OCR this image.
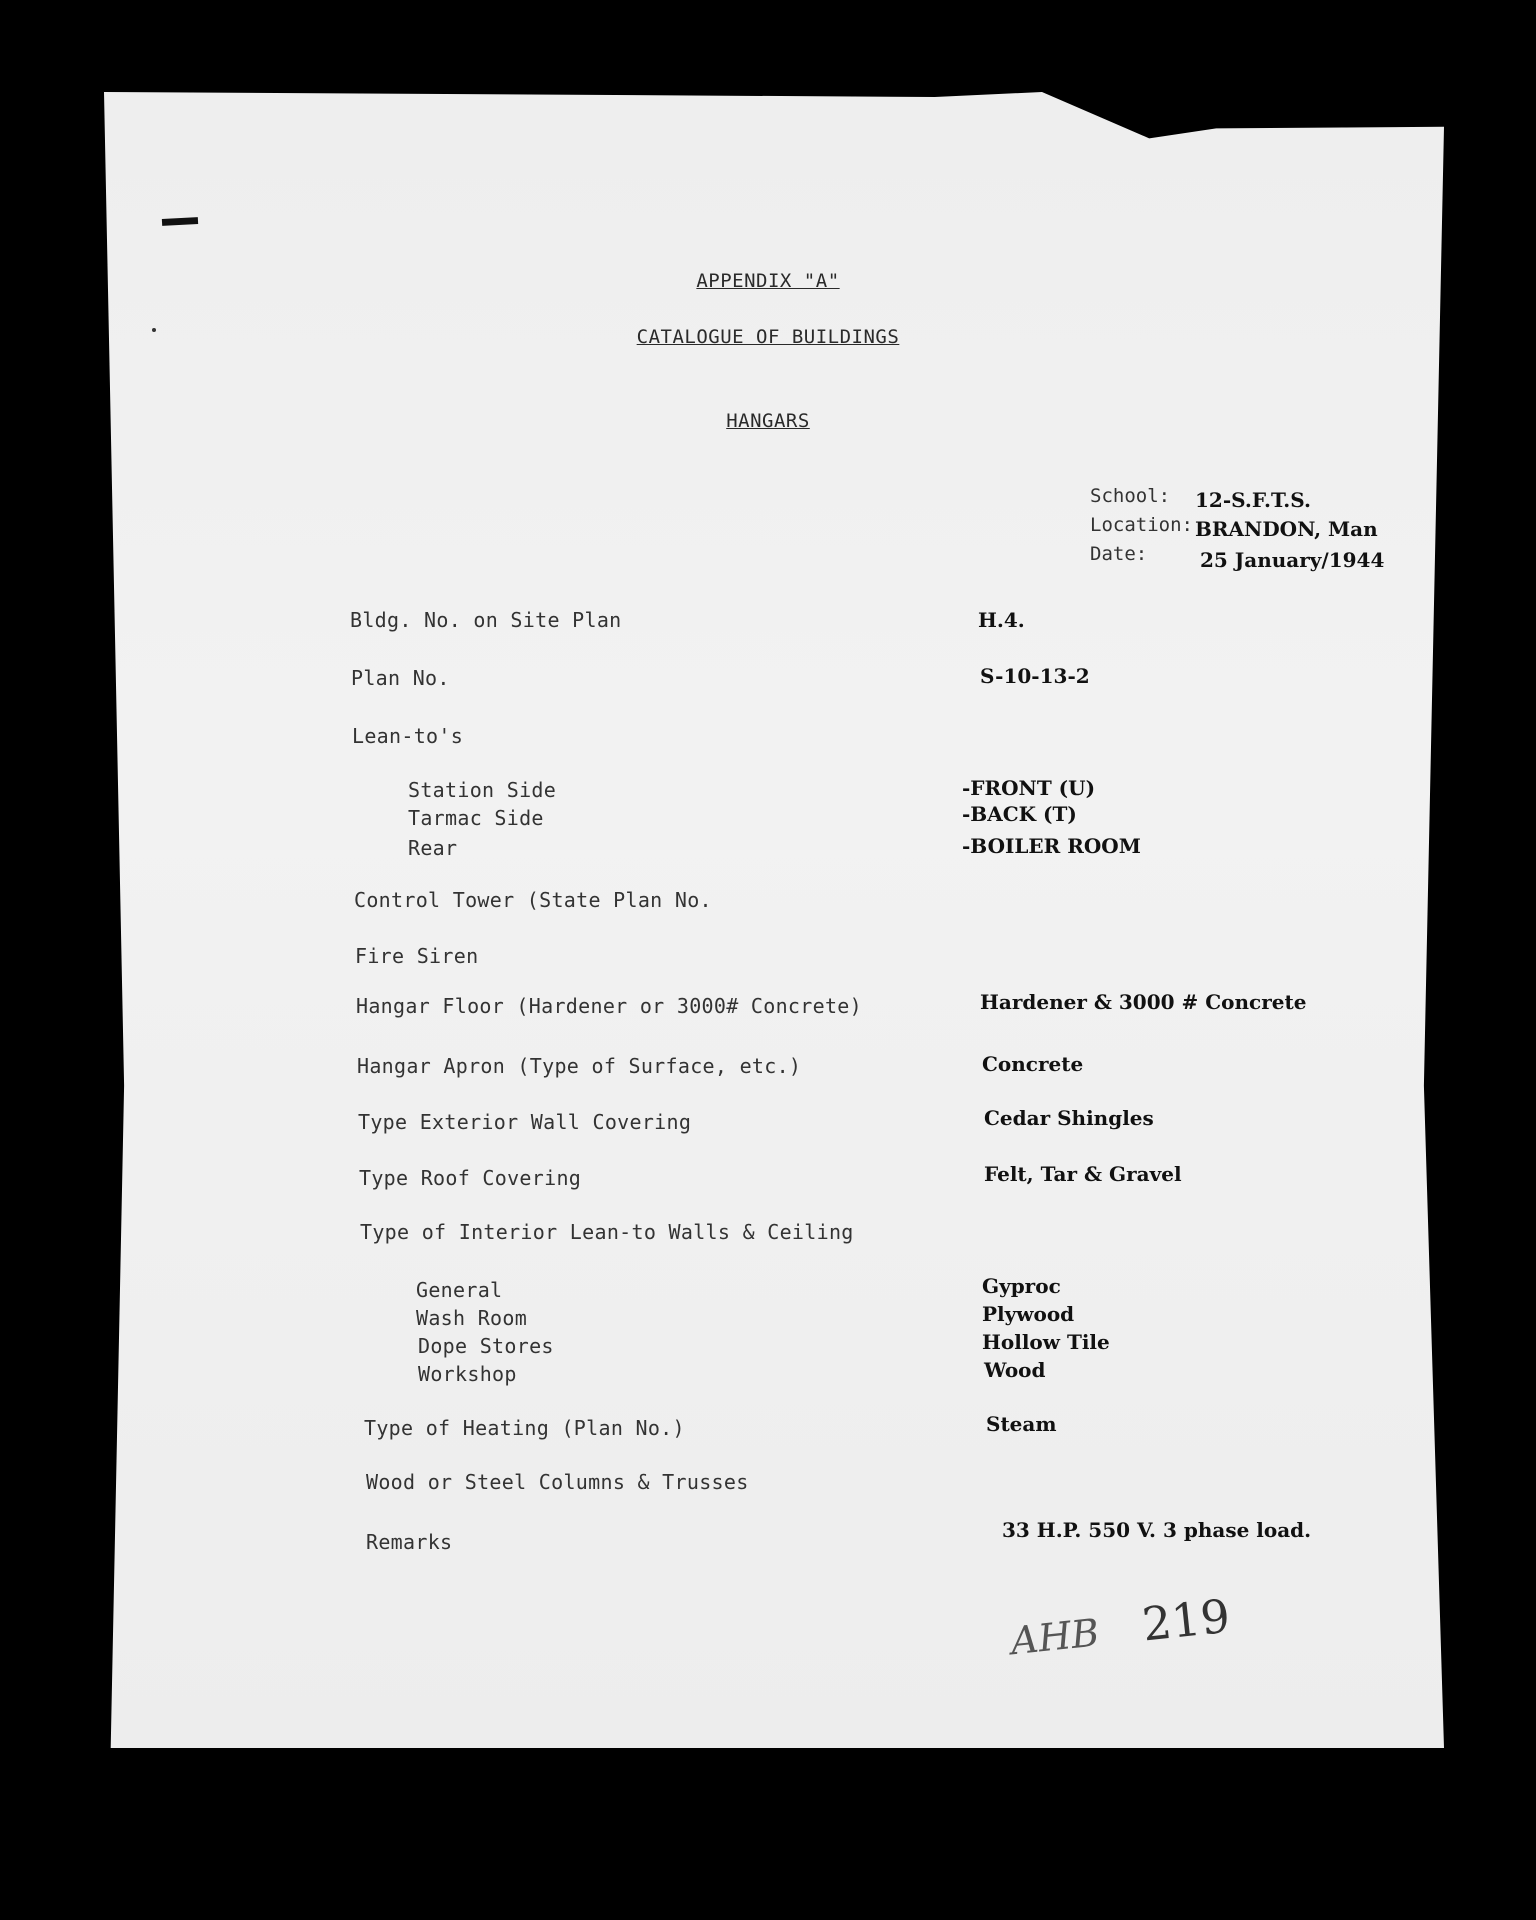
APPENDIX "A"
CATALOGUE OF BUILDINGS
HANGARS
School: 12-S.F.T.S.
Location: BRANDON, Man
Date:	25 January/1944
Bldg. No. on Site Plan	H.4.
Plan No.	S-10-13-2
Lean-to's
Station Side	-FRONT (U)
Tarmac Side	-BACK (T)
Rear	-BOILER ROOM
Control Tower (State Plan No.
Fire Siren
Hangar Floor (Hardener or 3000# Concrete)	Hardener & 3000 # Concrete
Hangar Apron (Type of Surface, etc.)	Concrete
Type Exterior Wall Covering	Cedar Shingles
Type Roof Covering	Felt, Tar & Gravel
Type of Interior Lean-to Walls & Ceiling
General	Gyproc
Wash Room	Plywood
Dope Stores	Hollow Tile
Workshop	Wood
Type of Heating (Plan No.)	Steam
Wood or Steel Columns & Trusses
Remarks	33 H.P. 550 V. 3 phase load.
AHB 219
